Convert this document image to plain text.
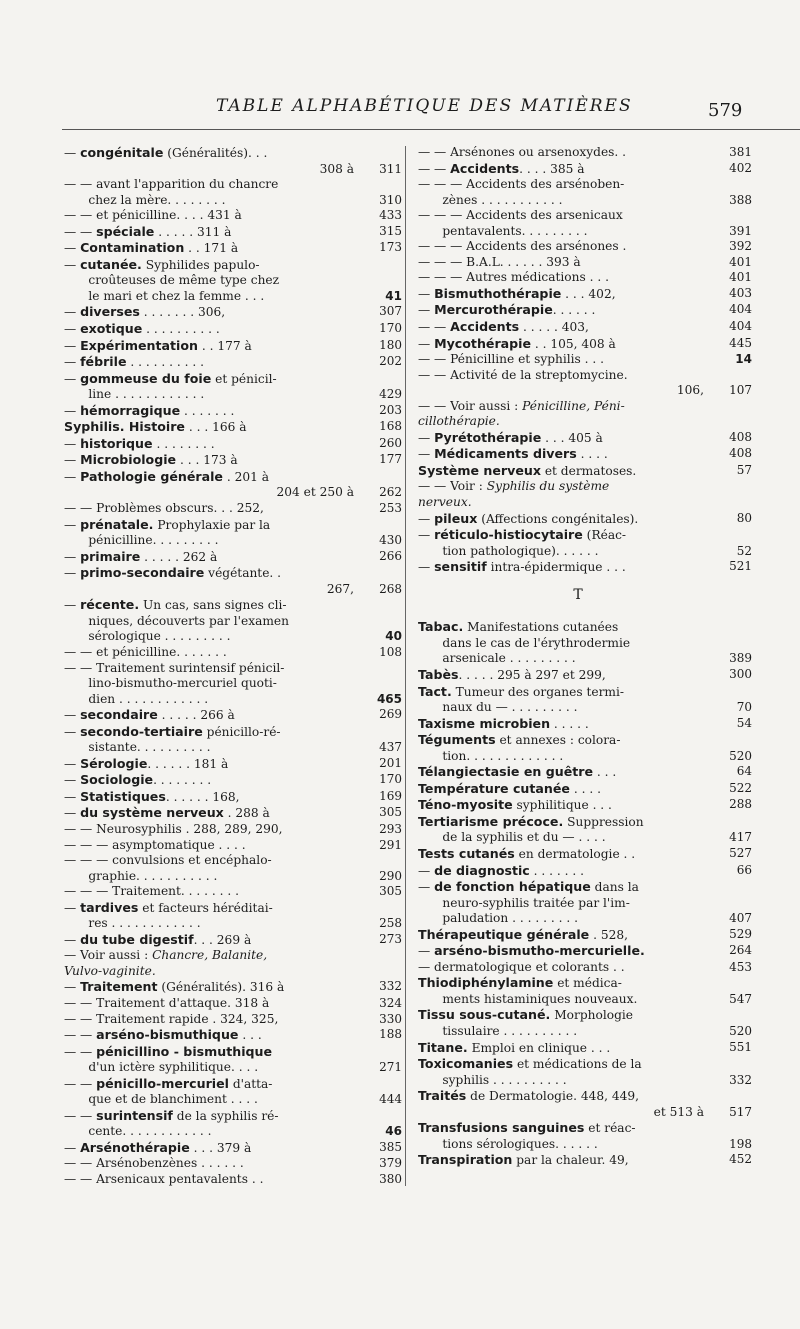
TABLE ALPHABÉTIQUE DES MATIÈRES	579
— congénitale (Généralités). . .
308 à	311
— — avant l'apparition du chancre
  chez la mère. . . . . . . .	310
— — et pénicilline. . . . 431 à	433
— — spéciale . . . . . 311 à	315
— Contamination . . 171 à	173
— cutanée. Syphilides papulo-
  croûteuses de même type chez
  le mari et chez la femme . . .	41
— diverses . . . . . . . 306,	307
— exotique . . . . . . . . . .	170
— Expérimentation . . 177 à	180
— fébrile . . . . . . . . . .	202
— gommeuse du foie et pénicil-
  line . . . . . . . . . . . .	429
— hémorragique . . . . . . .	203
Syphilis. Histoire . . . 166 à	168
— historique . . . . . . . .	260
— Microbiologie . . . 173 à	177
— Pathologie générale . 201 à
204 et 250 à	262
— — Problèmes obscurs. . . 252,	253
— prénatale. Prophylaxie par la
  pénicilline. . . . . . . . .	430
— primaire . . . . . 262 à	266
— primo-secondaire végétante. .
267,	268
— récente. Un cas, sans signes cli-
  niques, découverts par l'examen
  sérologique . . . . . . . . .	40
— — et pénicilline. . . . . . .	108
— — Traitement surintensif pénicil-
  lino-bismutho-mercuriel quoti-
  dien . . . . . . . . . . . .	465
— secondaire . . . . . 266 à	269
— secondo-tertiaire pénicillo-ré-
  sistante. . . . . . . . . .	437
— Sérologie. . . . . . 181 à	201
— Sociologie. . . . . . . .	170
— Statistiques. . . . . . 168,	169
— du système nerveux . 288 à	305
— — Neurosyphilis . 288, 289, 290,	293
— — — asymptomatique . . . .	291
— — — convulsions et encéphalo-
  graphie. . . . . . . . . . .	290
— — — Traitement. . . . . . . .	305
— tardives et facteurs héréditai-
  res . . . . . . . . . . . .	258
— du tube digestif. . . 269 à	273
— Voir aussi : Chancre, Balanite,
Vulvo-vaginite.
— Traitement (Généralités). 316 à	332
— — Traitement d'attaque. 318 à	324
— — Traitement rapide . 324, 325,	330
— — arséno-bismuthique . . .	188
— — pénicillino - bismuthique
  d'un ictère syphilitique. . . .	271
— — pénicillo-mercuriel d'atta-
  que et de blanchiment . . . .	444
— — surintensif de la syphilis ré-
  cente. . . . . . . . . . . .	46
— Arsénothérapie . . . 379 à	385
— — Arsénobenzènes . . . . . .	379
— — Arsenicaux pentavalents . .	380
— — Arsénones ou arsenoxydes. .	381
— — Accidents. . . . 385 à	402
— — — Accidents des arsénoben-
  zènes . . . . . . . . . . .	388
— — — Accidents des arsenicaux
  pentavalents. . . . . . . . .	391
— — — Accidents des arsénones .	392
— — — B.A.L. . . . . . 393 à	401
— — — Autres médications . . .	401
— Bismuthothérapie . . . 402,	403
— Mercurothérapie. . . . . .	404
— — Accidents . . . . . 403,	404
— Mycothérapie . . 105, 408 à	445
— — Pénicilline et syphilis . . .	14
— — Activité de la streptomycine.
106,	107
— — Voir aussi : Pénicilline, Péni-
cillothérapie.
— Pyrétothérapie . . . 405 à	408
— Médicaments divers . . . .	408
Système nerveux et dermatoses.	57
— — Voir : Syphilis du système
nerveux.
— pileux (Affections congénitales).	80
— réticulo-histiocytaire (Réac-
  tion pathologique). . . . . .	52
— sensitif intra-épidermique . . .	521
T
Tabac. Manifestations cutanées
  dans le cas de l'érythrodermie
  arsenicale . . . . . . . . .	389
Tabès. . . . . 295 à 297 et 299,	300
Tact. Tumeur des organes termi-
  naux du — . . . . . . . . .	70
Taxisme microbien . . . . .	54
Téguments et annexes : colora-
  tion. . . . . . . . . . . . .	520
Télangiectasie en guêtre . . .	64
Température cutanée . . . .	522
Téno-myosite syphilitique . . .	288
Tertiarisme précoce. Suppression
  de la syphilis et du — . . . .	417
Tests cutanés en dermatologie . .	527
— de diagnostic . . . . . . .	66
— de fonction hépatique dans la
  neuro-syphilis traitée par l'im-
  paludation . . . . . . . . .	407
Thérapeutique générale . 528,	529
— arséno-bismutho-mercurielle.	264
— dermatologique et colorants . .	453
Thiodiphénylamine et médica-
  ments histaminiques nouveaux.	547
Tissu sous-cutané. Morphologie
  tissulaire . . . . . . . . . .	520
Titane. Emploi en clinique . . .	551
Toxicomanies et médications de la
  syphilis . . . . . . . . . .	332
Traités de Dermatologie. 448, 449,
et 513 à	517
Transfusions sanguines et réac-
  tions sérologiques. . . . . .	198
Transpiration par la chaleur. 49,	452
